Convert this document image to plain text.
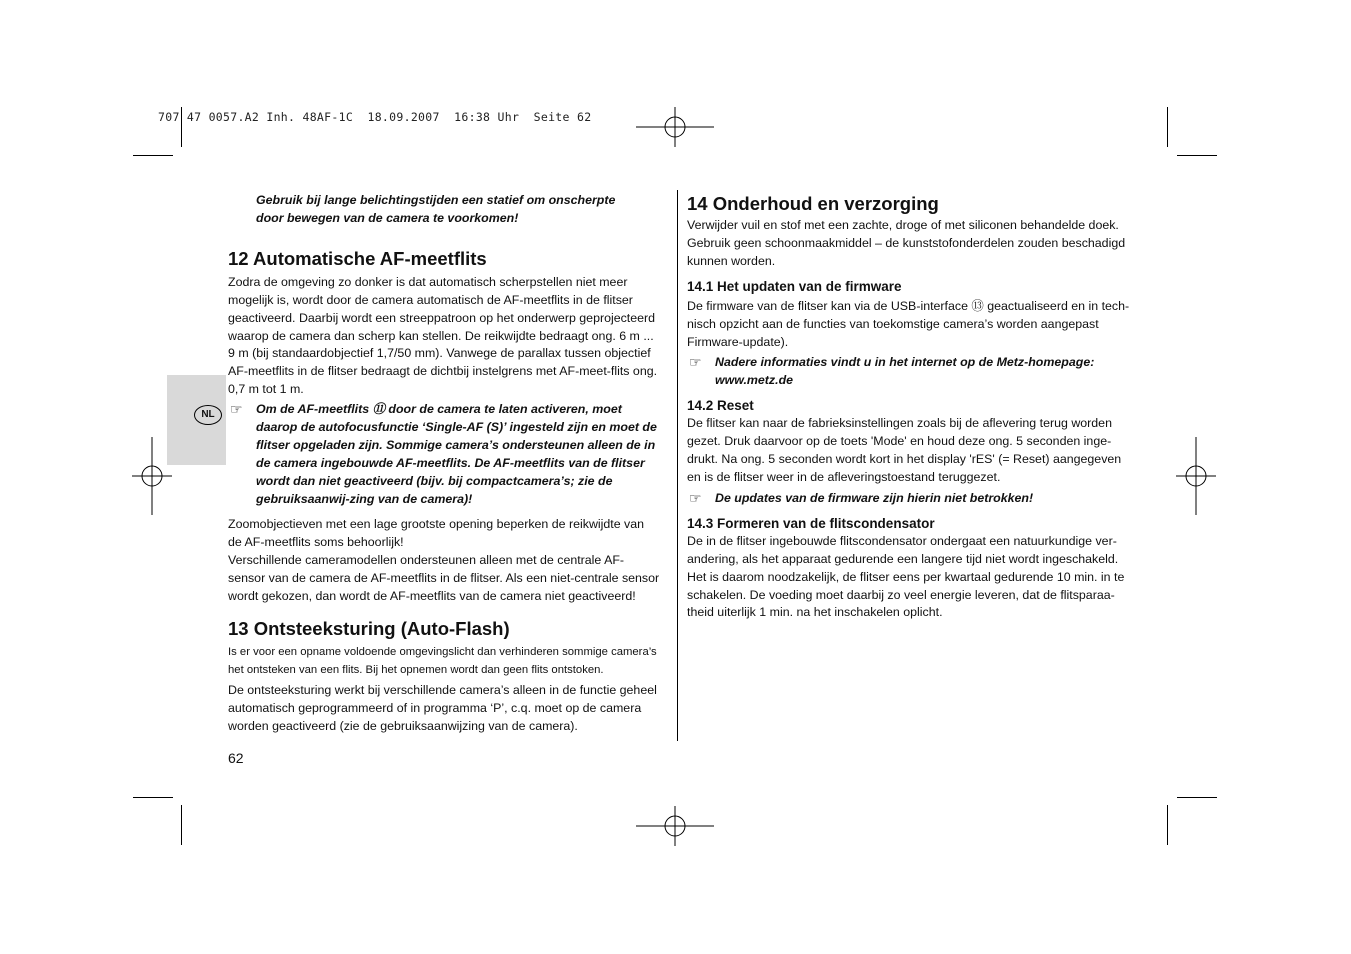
707 47 0057.A2 Inh. 48AF-1C  18.09.2007  16:38 Uhr  Seite 62
NL

Gebruik bij lange belichtingstijden een statief om onscherpte door bewegen van de camera te voorkomen!

12 Automatische AF-meetflits

Zodra de omgeving zo donker is dat automatisch scherpstellen niet meer mogelijk is, wordt door de camera automatisch de AF-meetflits in de flitser geactiveerd. Daarbij wordt een streeppatroon op het onderwerp geprojecteerd waarop de camera dan scherp kan stellen. De reikwijdte bedraagt ong. 6 m ... 9 m (bij standaardobjectief 1,7/50 mm). Vanwege de parallax tussen objectief AF-meetflits in de flitser bedraagt de dichtbij instelgrens met AF-meet-flits ong. 0,7 m tot 1 m.

☞ Om de AF-meetflits ⑪ door de camera te laten activeren, moet daarop de autofocusfunctie ‘Single-AF (S)’ ingesteld zijn en moet de flitser opgeladen zijn. Sommige camera’s ondersteunen alleen de in de camera ingebouwde AF-meetflits. De AF-meetflits van de flitser wordt dan niet geactiveerd (bijv. bij compactcamera’s; zie de gebruiksaanwij-zing van de camera)!

Zoomobjectieven met een lage grootste opening beperken de reikwijdte van de AF-meetflits soms behoorlijk!

Verschillende cameramodellen ondersteunen alleen met de centrale AF-sensor van de camera de AF-meetflits in de flitser. Als een niet-centrale sensor wordt gekozen, dan wordt de AF-meetflits van de camera niet geactiveerd!

13 Ontsteeksturing (Auto-Flash)

Is er voor een opname voldoende omgevingslicht dan verhinderen sommige camera’s het ontsteken van een flits. Bij het opnemen wordt dan geen flits ontstoken.

De ontsteeksturing werkt bij verschillende camera’s alleen in de functie geheel automatisch geprogrammeerd of in programma ‘P’, c.q. moet op de camera worden geactiveerd (zie de gebruiksaanwijzing van de camera).

62
14 Onderhoud en verzorging

Verwijder vuil en stof met een zachte, droge of met siliconen behandelde doek. Gebruik geen schoonmaakmiddel – de kunststofonderdelen zouden beschadigd kunnen worden.

14.1 Het updaten van de firmware

De firmware van de flitser kan via de USB-interface ⑬ geactualiseerd en in tech-nisch opzicht aan de functies van toekomstige camera’s worden aangepast Firmware-update).

☞ Nadere informaties vindt u in het internet op de Metz-homepage: www.metz.de

14.2 Reset

De flitser kan naar de fabrieksinstellingen zoals bij de aflevering terug worden gezet. Druk daarvoor op de toets 'Mode' en houd deze ong. 5 seconden inge-drukt. Na ong. 5 seconden wordt kort in het display 'rES' (= Reset) aangegeven en is de flitser weer in de afleveringstoestand teruggezet.

☞ De updates van de firmware zijn hierin niet betrokken!

14.3 Formeren van de flitscondensator

De in de flitser ingebouwde flitscondensator ondergaat een natuurkundige ver-andering, als het apparaat gedurende een langere tijd niet wordt ingeschakeld. Het is daarom noodzakelijk, de flitser eens per kwartaal gedurende 10 min. in te schakelen. De voeding moet daarbij zo veel energie leveren, dat de flitsparaa-theid uiterlijk 1 min. na het inschakelen oplicht.
